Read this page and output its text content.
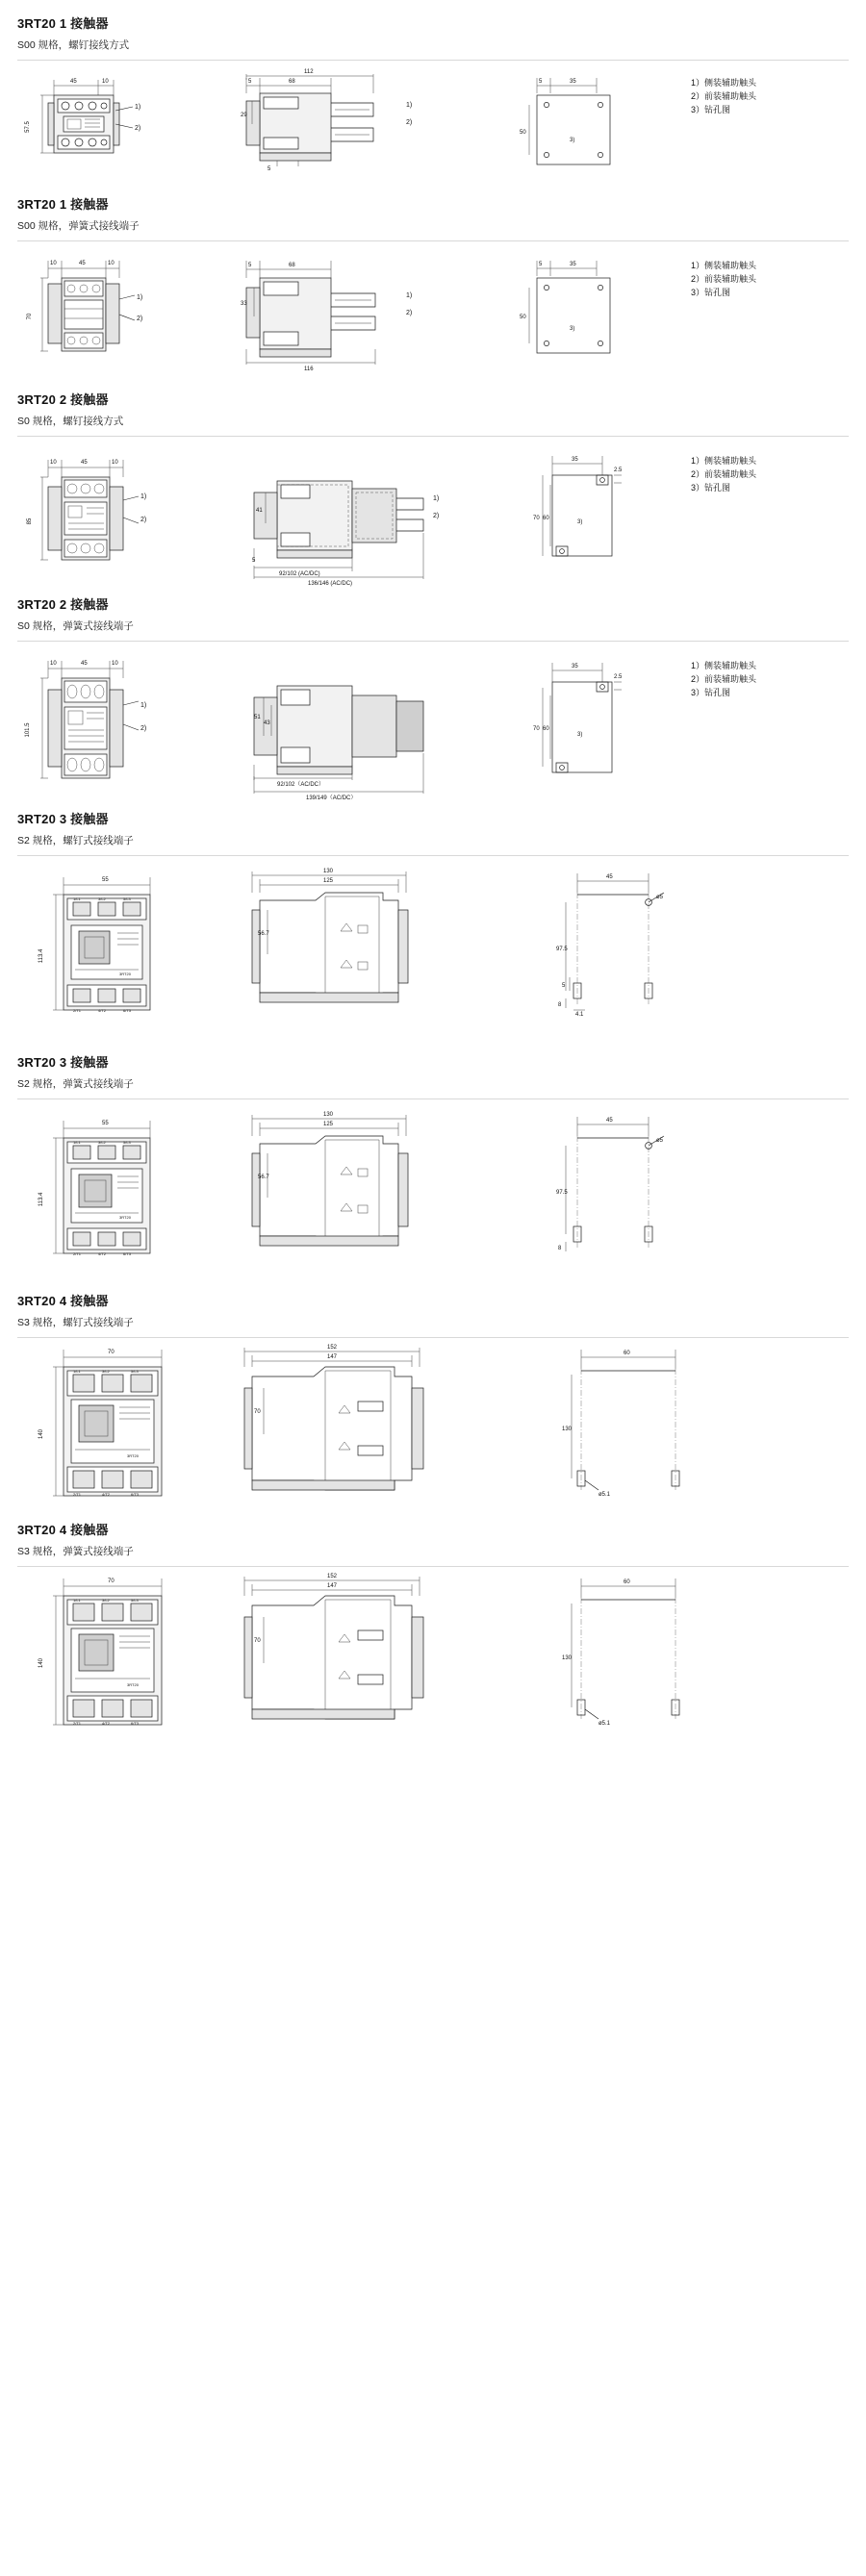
3RT20 1 接触器
S00 规格，螺钉接线方式
45	10
57.5
1)
2)
5	68
112
29
5
1)
2)
5	35
50
3)
1）侧装辅助触头
2）前装辅助触头
3）钻孔图
3RT20 1 接触器
S00 规格，弹簧式接线端子
10	45	10
70
1)
2)
5	68
33
116
1)
2)
5	35
50
3)
1）侧装辅助触头
2）前装辅助触头
3）钻孔图
3RT20 2 接触器
S0 规格，螺钉接线方式
10	45	10
85
1)
2)
41
92/102 (AC/DC)
136/146 (AC/DC)
5
1)
2)
35
2.5
70 60
3)
1）侧装辅助触头
2）前装辅助触头
3）钻孔图
3RT20 2 接触器
S0 规格，弹簧式接线端子
10	45	10
101.5
1)
2)
51
43
92/102（AC/DC）
139/149（AC/DC）
35
2.5
70 60
3)
1）侧装辅助触头
2）前装辅助触头
3）钻孔图
3RT20 3 接触器
S2 规格，螺钉式接线端子
55
1/L1	3/L2	5/L3
2/T1	4/T2	6/T3
3RT20
113.4
130
125
56.7
45
ø5
97.5
5
8
4.1
3RT20 3 接触器
S2 规格，弹簧式接线端子
55
1/L1	3/L2	5/L3
2/T1	4/T2	6/T3
3RT20
113.4
130
125
56.7
45
ø5
97.5
8
3RT20 4 接触器
S3 规格，螺钉式接线端子
70
1/L1	3/L2	5/L3
2/T1	4/T2	6/T3
3RT20
140
152
147
70
60
130
ø5.1
3RT20 4 接触器
S3 规格，弹簧式接线端子
70
1/L1	3/L2	5/L3
2/T1	4/T2	6/T3
3RT20
140
152
147
70
60
130
ø5.1
